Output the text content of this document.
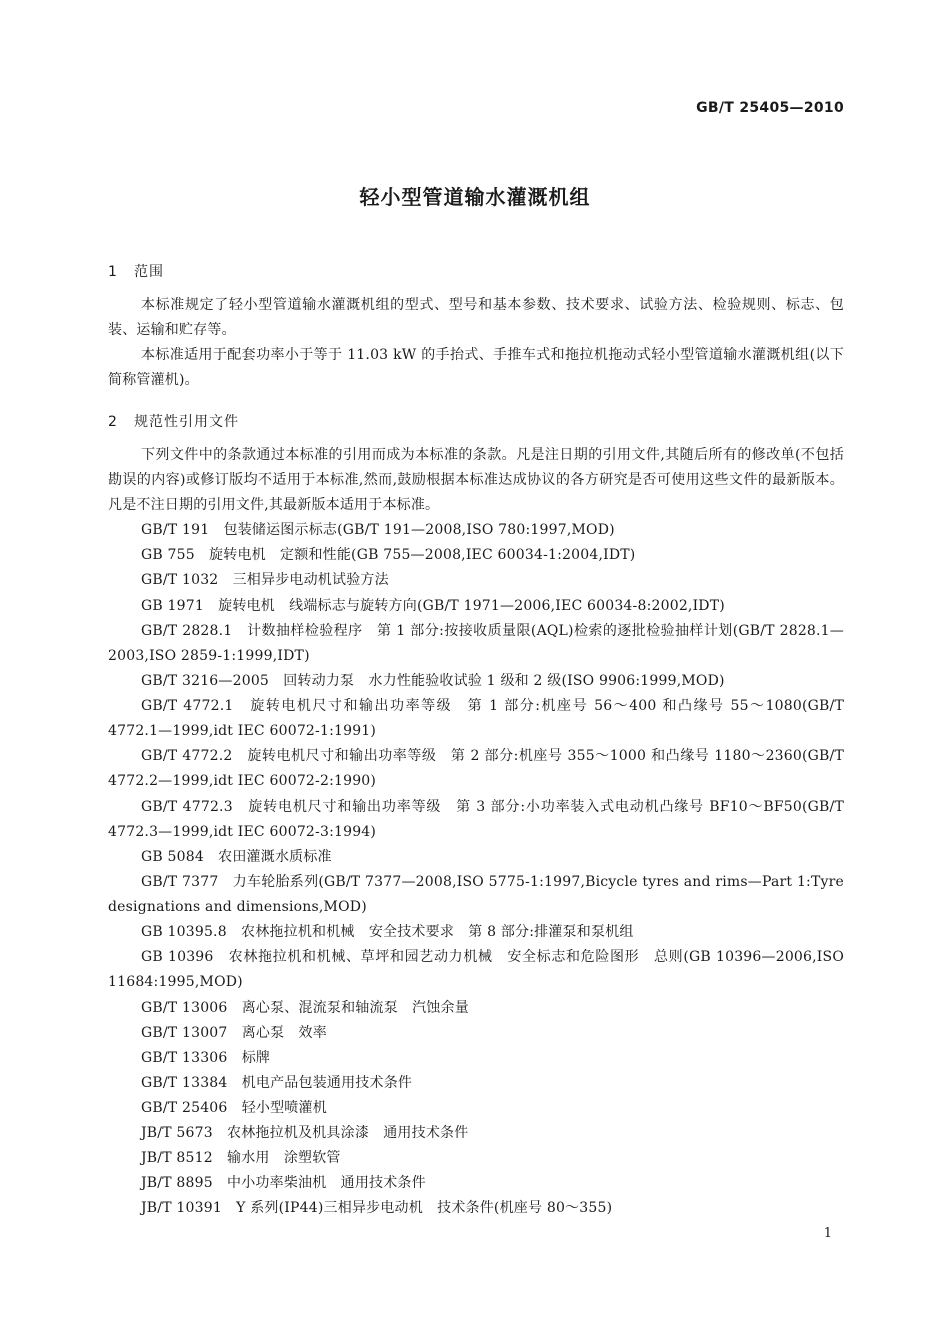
GB/T 25405—2010
轻小型管道输水灌溉机组
1 范围
本标准规定了轻小型管道输水灌溉机组的型式、型号和基本参数、技术要求、试验方法、检验规则、标志、包装、运输和贮存等。
本标准适用于配套功率小于等于 11.03 kW 的手抬式、手推车式和拖拉机拖动式轻小型管道输水灌溉机组(以下简称管灌机)。
2 规范性引用文件
下列文件中的条款通过本标准的引用而成为本标准的条款。凡是注日期的引用文件,其随后所有的修改单(不包括勘误的内容)或修订版均不适用于本标准,然而,鼓励根据本标准达成协议的各方研究是否可使用这些文件的最新版本。凡是不注日期的引用文件,其最新版本适用于本标准。
GB/T 191　包装储运图示标志(GB/T 191—2008,ISO 780:1997,MOD)
GB 755　旋转电机　定额和性能(GB 755—2008,IEC 60034-1:2004,IDT)
GB/T 1032　三相异步电动机试验方法
GB 1971　旋转电机　线端标志与旋转方向(GB/T 1971—2006,IEC 60034-8:2002,IDT)
GB/T 2828.1　计数抽样检验程序　第 1 部分:按接收质量限(AQL)检索的逐批检验抽样计划(GB/T 2828.1—2003,ISO 2859-1:1999,IDT)
GB/T 3216—2005　回转动力泵　水力性能验收试验 1 级和 2 级(ISO 9906:1999,MOD)
GB/T 4772.1　旋转电机尺寸和输出功率等级　第 1 部分:机座号 56～400 和凸缘号 55～1080(GB/T 4772.1—1999,idt IEC 60072-1:1991)
GB/T 4772.2　旋转电机尺寸和输出功率等级　第 2 部分:机座号 355～1000 和凸缘号 1180～2360(GB/T 4772.2—1999,idt IEC 60072-2:1990)
GB/T 4772.3　旋转电机尺寸和输出功率等级　第 3 部分:小功率装入式电动机凸缘号 BF10～BF50(GB/T 4772.3—1999,idt IEC 60072-3:1994)
GB 5084　农田灌溉水质标准
GB/T 7377　力车轮胎系列(GB/T 7377—2008,ISO 5775-1:1997,Bicycle tyres and rims—Part 1:Tyre designations and dimensions,MOD)
GB 10395.8　农林拖拉机和机械　安全技术要求　第 8 部分:排灌泵和泵机组
GB 10396　农林拖拉机和机械、草坪和园艺动力机械　安全标志和危险图形　总则(GB 10396—2006,ISO 11684:1995,MOD)
GB/T 13006　离心泵、混流泵和轴流泵　汽蚀余量
GB/T 13007　离心泵　效率
GB/T 13306　标牌
GB/T 13384　机电产品包装通用技术条件
GB/T 25406　轻小型喷灌机
JB/T 5673　农林拖拉机及机具涂漆　通用技术条件
JB/T 8512　输水用　涂塑软管
JB/T 8895　中小功率柴油机　通用技术条件
JB/T 10391　Y 系列(IP44)三相异步电动机　技术条件(机座号 80～355)
1
